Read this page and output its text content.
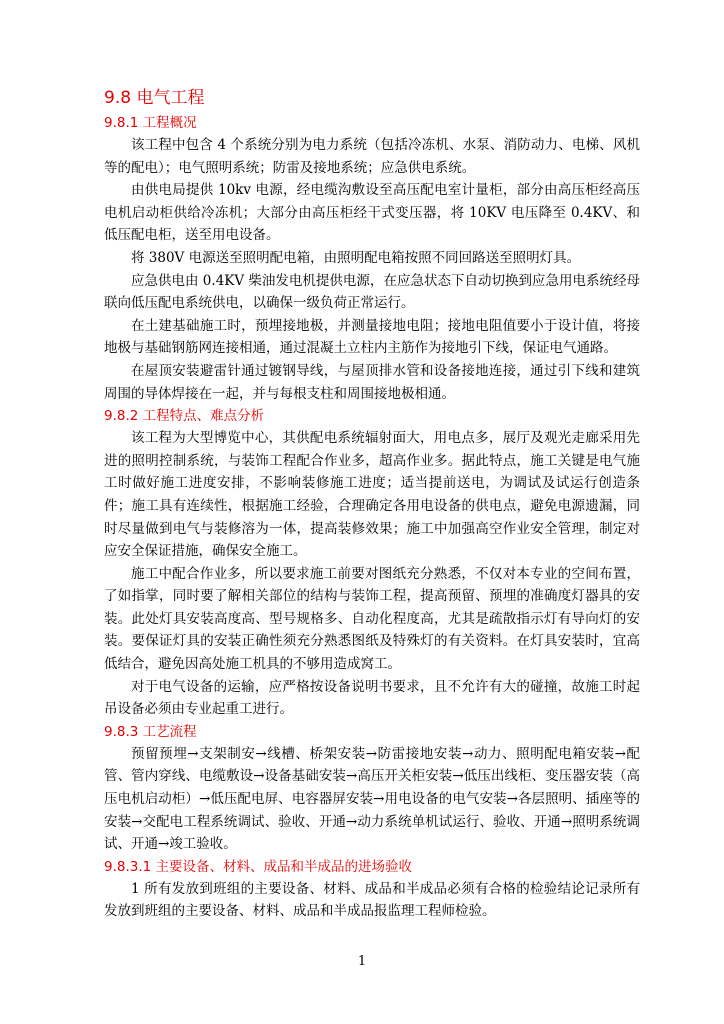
9.8 电气工程
9.8.1 工程概况

该工程中包含 4 个系统分别为电力系统（包括冷冻机、水泵、消防动力、电梯、风机等的配电）；电气照明系统；防雷及接地系统；应急供电系统。

由供电局提供 10kv 电源，经电缆沟敷设至高压配电室计量柜，部分由高压柜经高压电机启动柜供给冷冻机；大部分由高压柜经干式变压器，将 10KV 电压降至 0.4KV、和低压配电柜，送至用电设备。

将 380V 电源送至照明配电箱，由照明配电箱按照不同回路送至照明灯具。

应急供电由 0.4KV 柴油发电机提供电源，在应急状态下自动切换到应急用电系统经母联向低压配电系统供电，以确保一级负荷正常运行。

在土建基础施工时，预埋接地极，并测量接地电阻；接地电阻值要小于设计值，将接地极与基础钢筋网连接相通，通过混凝土立柱内主筋作为接地引下线，保证电气通路。

在屋顶安装避雷针通过镀钢导线，与屋顶排水管和设备接地连接，通过引下线和建筑周围的导体焊接在一起，并与每根支柱和周围接地极相通。

9.8.2 工程特点、难点分析

该工程为大型博览中心，其供配电系统辐射面大，用电点多，展厅及观光走廊采用先进的照明控制系统，与装饰工程配合作业多，超高作业多。据此特点，施工关键是电气施工时做好施工进度安排，不影响装修施工进度；适当提前送电，为调试及试运行创造条件；施工具有连续性，根据施工经验，合理确定各用电设备的供电点，避免电源遗漏，同时尽量做到电气与装修溶为一体，提高装修效果；施工中加强高空作业安全管理，制定对应安全保证措施，确保安全施工。

施工中配合作业多，所以要求施工前要对图纸充分熟悉，不仅对本专业的空间布置，了如指掌，同时要了解相关部位的结构与装饰工程，提高预留、预埋的准确度灯器具的安装。此处灯具安装高度高、型号规格多、自动化程度高，尤其是疏散指示灯有导向灯的安装。要保证灯具的安装正确性须充分熟悉图纸及特殊灯的有关资料。在灯具安装时，宜高低结合，避免因高处施工机具的不够用造成窝工。

对于电气设备的运输，应严格按设备说明书要求，且不允许有大的碰撞，故施工时起吊设备必须由专业起重工进行。

9.8.3 工艺流程

预留预埋→支架制安→线槽、桥架安装→防雷接地安装→动力、照明配电箱安装→配管、管内穿线、电缆敷设→设备基础安装→高压开关柜安装→低压出线柜、变压器安装（高压电机启动柜）→低压配电屏、电容器屏安装→用电设备的电气安装→各层照明、插座等的安装→交配电工程系统调试、验收、开通→动力系统单机试运行、验收、开通→照明系统调试、开通→竣工验收。

9.8.3.1 主要设备、材料、成品和半成品的进场验收

1 所有发放到班组的主要设备、材料、成品和半成品必须有合格的检验结论记录所有发放到班组的主要设备、材料、成品和半成品报监理工程师检验。

1
